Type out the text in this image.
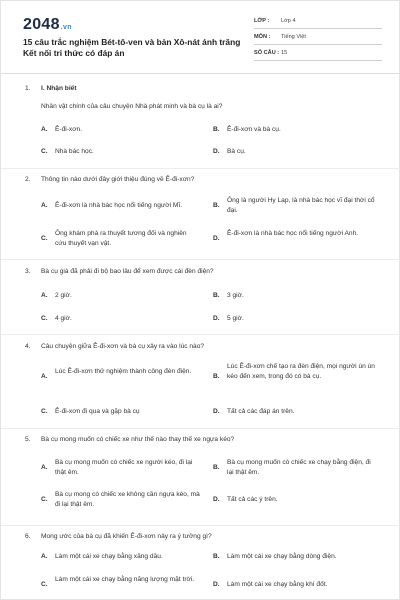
2048.vn
15 câu trắc nghiệm Bét-tô-ven và bản Xô-nát ánh trăng Kết nối tri thức có đáp án
LỚP :	Lớp 4
MÔN :	Tiếng Việt
SỐ CÂU : 15
1. I. Nhận biết
Nhân vật chính của câu chuyện Nhà phát minh và bà cụ là ai?
A. Ê-đi-xơn.	B. Ê-đi-xơn và bà cụ.
C. Nhà bác học.	D. Bà cụ.
2. Thông tin nào dưới đây giới thiệu đúng về Ê-đi-xơn?
A. Ê-đi-xơn là nhà bác học nổi tiếng người Mĩ.	B.
Ông là người Hy Lạp, là nhà bác học vĩ đại thời cổ đại.
C.
Ông khám phá ra thuyết tương đối và nghiên cứu thuyết vạn vật.
D.
Ê-đi-xơn là nhà bác học nổi tiếng người Anh.
3. Bà cụ già đã phải đi bộ bao lâu để xem được cái đèn điện?
A. 2 giờ.	B. 3 giờ.
C. 4 giờ.	D. 5 giờ.
4. Câu chuyện giữa Ê-đi-xơn và bà cụ xảy ra vào lúc nào?
A.
Lúc Ê-đi-xơn thử nghiệm thành công đèn điện.
B.
Lúc Ê-đi-xơn chế tạo ra đèn điện, mọi người ùn ùn kéo đến xem, trong đó có bà cụ.
C. Ê-đi-xơn đi qua và gặp bà cụ	D. Tất cả các đáp án trên.
5. Bà cụ mong muốn có chiếc xe như thế nào thay thế xe ngựa kéo?
A.
Bà cụ mong muốn có chiếc xe người kéo, đi lại thật êm.
B.
Bà cụ mong muốn có chiếc xe chạy bằng điện, đi lại thật êm.
C.
Bà cụ mong có chiếc xe không cần ngựa kéo, mà đi lại thật êm.
D. Tất cả các ý trên.
6. Mong ước của bà cụ đã khiến Ê-đi-xơn nảy ra ý tưởng gì?
A. Làm một cái xe chạy bằng xăng dầu.	B. Làm một cái xe chạy bằng dòng điện.
C.
Làm một cái xe chạy bằng năng lượng mặt trời.
D. Làm một cái xe chạy bằng khí đốt.
